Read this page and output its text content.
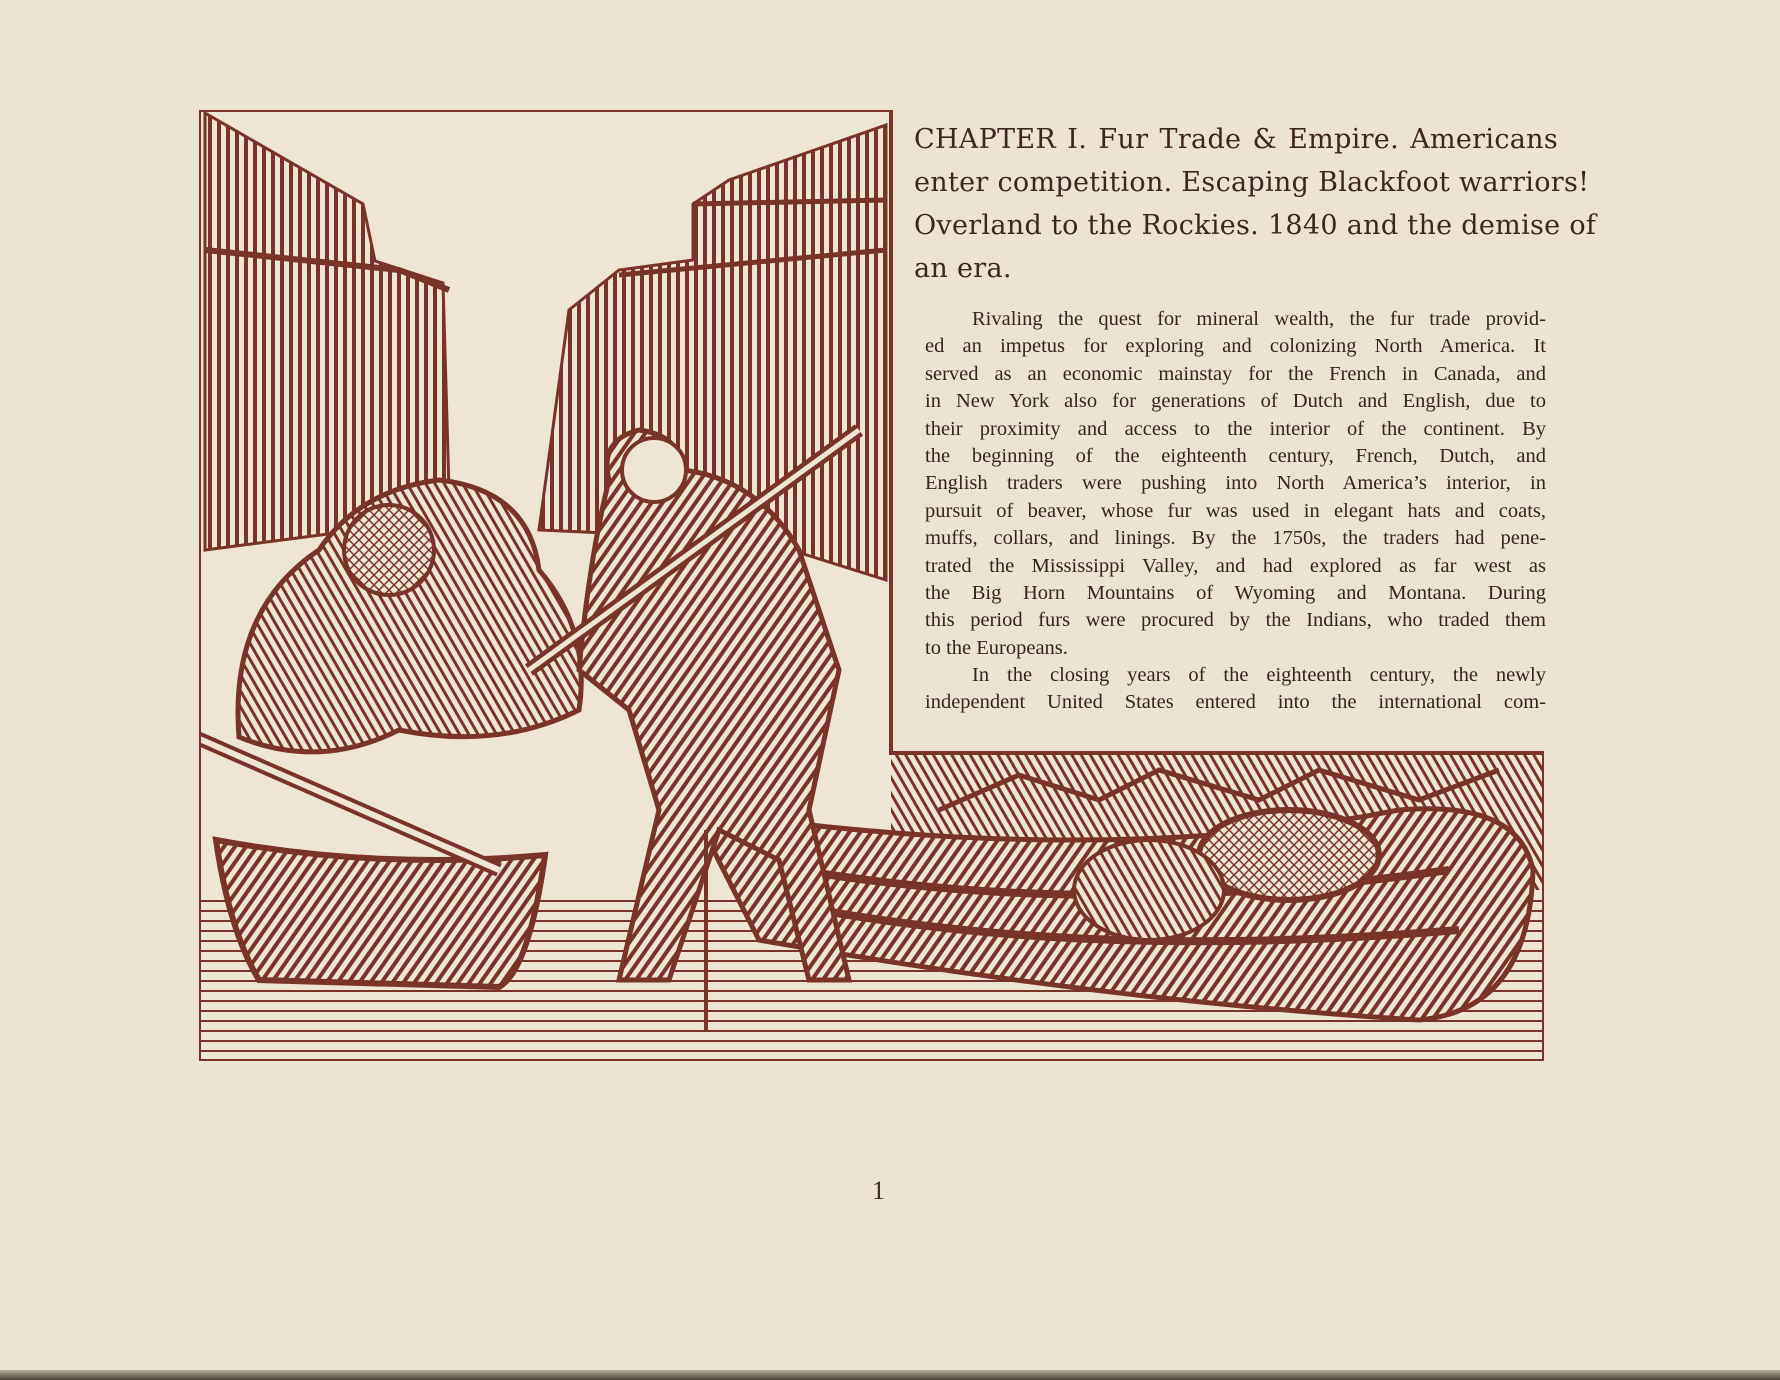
CHAPTER I. Fur Trade & Empire. Americans
enter competition. Escaping Blackfoot warriors!
Overland to the Rockies. 1840 and the demise of
an era.
Rivaling the quest for mineral wealth, the fur trade provid-
ed an impetus for exploring and colonizing North America. It
served as an economic mainstay for the French in Canada, and
in New York also for generations of Dutch and English, due to
their proximity and access to the interior of the continent. By
the beginning of the eighteenth century, French, Dutch, and
English traders were pushing into North America’s interior, in
pursuit of beaver, whose fur was used in elegant hats and coats,
muffs, collars, and linings. By the 1750s, the traders had pene-
trated the Mississippi Valley, and had explored as far west as
the Big Horn Mountains of Wyoming and Montana. During
this period furs were procured by the Indians, who traded them
to the Europeans.
In the closing years of the eighteenth century, the newly
independent United States entered into the international com-
1
